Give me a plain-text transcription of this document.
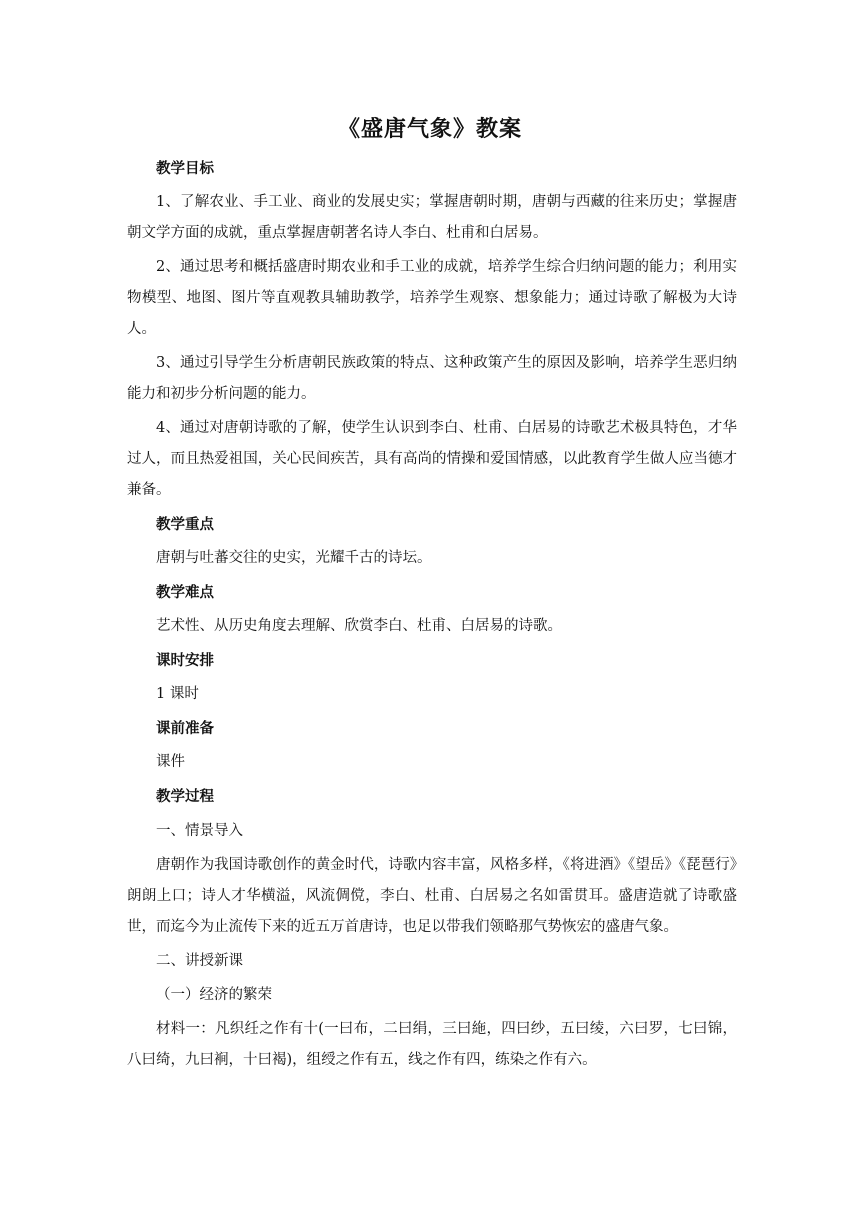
《盛唐气象》教案

教学目标

1、了解农业、手工业、商业的发展史实；掌握唐朝时期，唐朝与西藏的往来历史；掌握唐朝文学方面的成就，重点掌握唐朝著名诗人李白、杜甫和白居易。

2、通过思考和概括盛唐时期农业和手工业的成就，培养学生综合归纳问题的能力；利用实物模型、地图、图片等直观教具辅助教学，培养学生观察、想象能力；通过诗歌了解极为大诗人。

3、通过引导学生分析唐朝民族政策的特点、这种政策产生的原因及影响，培养学生恶归纳能力和初步分析问题的能力。

4、通过对唐朝诗歌的了解，使学生认识到李白、杜甫、白居易的诗歌艺术极具特色，才华过人，而且热爱祖国，关心民间疾苦，具有高尚的情操和爱国情感，以此教育学生做人应当德才兼备。

教学重点

唐朝与吐蕃交往的史实，光耀千古的诗坛。

教学难点

艺术性、从历史角度去理解、欣赏李白、杜甫、白居易的诗歌。

课时安排

1 课时

课前准备

课件

教学过程

一、情景导入

唐朝作为我国诗歌创作的黄金时代，诗歌内容丰富，风格多样，《将进酒》《望岳》《琵琶行》朗朗上口；诗人才华横溢，风流倜傥，李白、杜甫、白居易之名如雷贯耳。盛唐造就了诗歌盛世，而迄今为止流传下来的近五万首唐诗，也足以带我们领略那气势恢宏的盛唐气象。

二、讲授新课

（一）经济的繁荣

材料一：凡织纴之作有十(一曰布，二曰绢，三曰絁，四曰纱，五曰绫，六曰罗，七曰锦，八曰绮，九曰裥，十曰褐)，组绶之作有五，线之作有四，练染之作有六。
